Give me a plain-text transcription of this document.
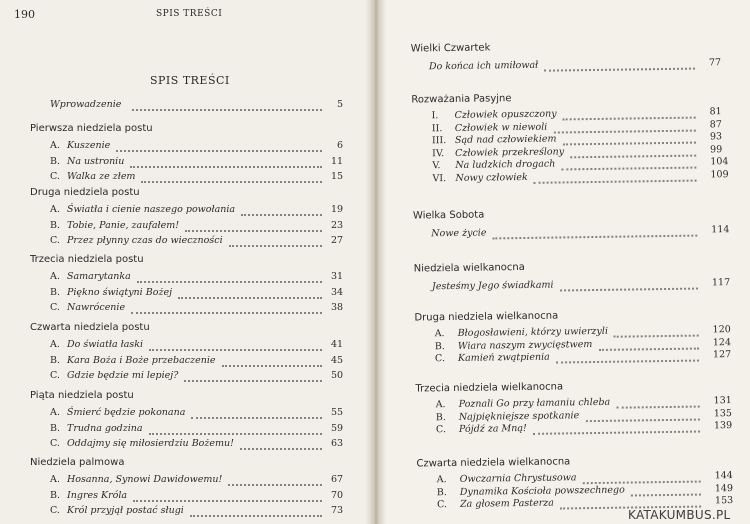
190	SPIS TREŚCI
SPIS TREŚCI
Wprowadzenie	5
Pierwsza niedziela postu
A. Kuszenie	6
B. Na ustroniu	11
C. Walka ze złem	15
Druga niedziela postu
A. Światła i cienie naszego powołania	19
B. Tobie, Panie, zaufałem!	23
C. Przez płynny czas do wieczności	27
Trzecia niedziela postu
A. Samarytanka	31
B. Piękno świątyni Bożej	34
C. Nawrócenie	38
Czwarta niedziela postu
A. Do światła łaski	41
B. Kara Boża i Boże przebaczenie	45
C. Gdzie będzie mi lepiej?	50
Piąta niedziela postu
A. Śmierć będzie pokonana	55
B. Trudna godzina	59
C. Oddajmy się miłosierdziu Bożemu!	63
Niedziela palmowa
A. Hosanna, Synowi Dawidowemu!	67
B. Ingres Króla	70
C. Król przyjął postać sługi	73
Wielki Czwartek
Do końca ich umiłował	77
Rozważania Pasyjne
I. Człowiek opuszczony	81
II. Człowiek w niewoli	87
III. Sąd nad człowiekiem	93
IV. Człowiek przekreślony	99
V. Na ludzkich drogach	104
VI. Nowy człowiek	109
Wielka Sobota
Nowe życie	114
Niedziela wielkanocna
Jesteśmy Jego świadkami	117
Druga niedziela wielkanocna
A. Błogosławieni, którzy uwierzyli	120
B. Wiara naszym zwycięstwem	124
C. Kamień zwątpienia	127
Trzecia niedziela wielkanocna
A. Poznali Go przy łamaniu chleba	131
B. Najpiękniejsze spotkanie	135
C. Pójdź za Mną!	139
Czwarta niedziela wielkanocna
A. Owczarnia Chrystusowa	144
B. Dynamika Kościoła powszechnego	149
C. Za głosem Pasterza	153
KATAKUMBUS.PL
